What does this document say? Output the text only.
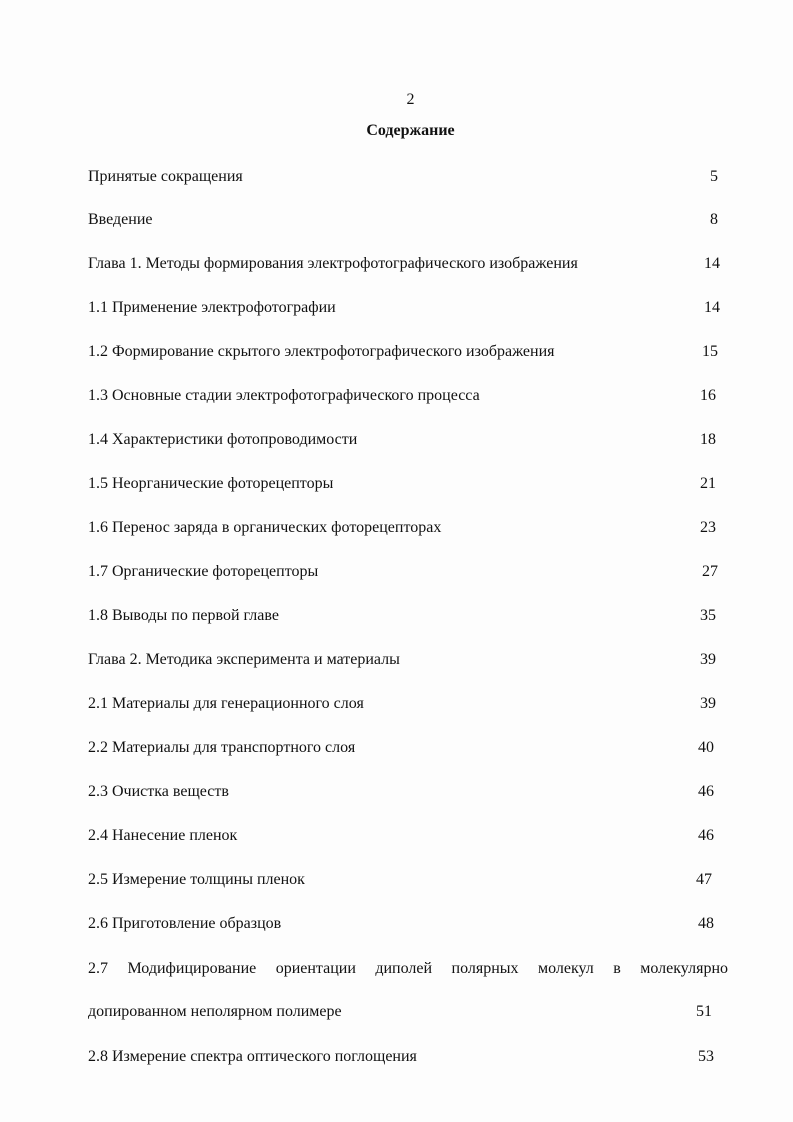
2
Содержание
Принятые сокращения	5
Введение	8
Глава 1. Методы формирования электрофотографического изображения	14
1.1 Применение электрофотографии	14
1.2 Формирование скрытого электрофотографического изображения	15
1.3 Основные стадии электрофотографического процесса	16
1.4 Характеристики фотопроводимости	18
1.5 Неорганические фоторецепторы	21
1.6 Перенос заряда в органических фоторецепторах	23
1.7 Органические фоторецепторы	27
1.8 Выводы по первой главе	35
Глава 2. Методика эксперимента и материалы	39
2.1 Материалы для генерационного слоя	39
2.2 Материалы для транспортного слоя	40
2.3 Очистка веществ	46
2.4 Нанесение пленок	46
2.5 Измерение толщины пленок	47
2.6 Приготовление образцов	48
2.7 Модифицирование ориентации диполей полярных молекул в молекулярно
допированном неполярном полимере	51
2.8 Измерение спектра оптического поглощения	53
